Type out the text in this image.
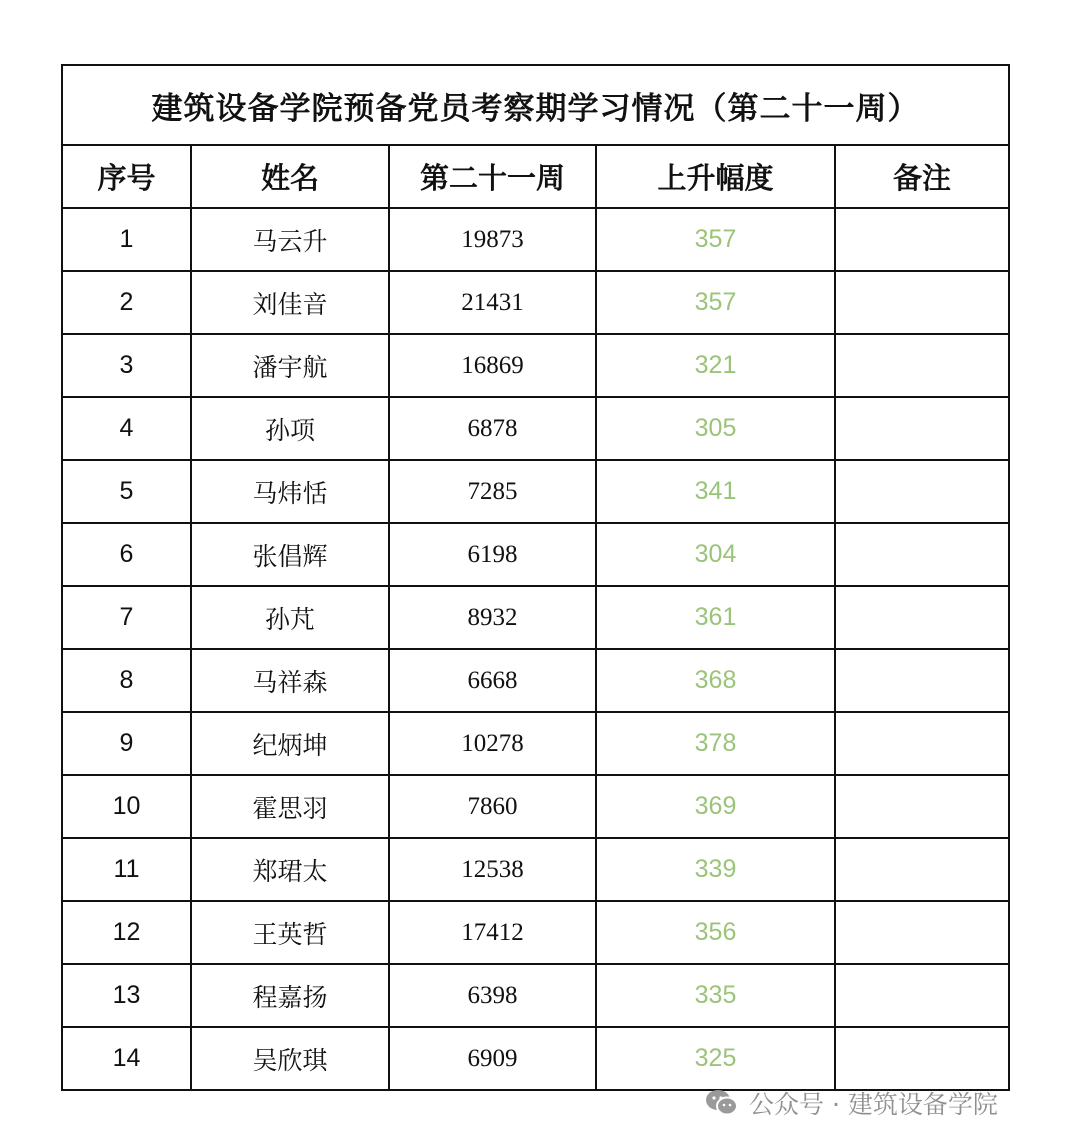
建筑设备学院预备党员考察期学习情况（第二十一周）				
序号	姓名	第二十一周	上升幅度	备注
1	马云升	19873	357	
2	刘佳音	21431	357	
3	潘宇航	16869	321	
4	孙项	6878	305	
5	马炜恬	7285	341	
6	张倡辉	6198	304	
7	孙芃	8932	361	
8	马祥森	6668	368	
9	纪炳坤	10278	378	
10	霍思羽	7860	369	
11	郑珺太	12538	339	
12	王英哲	17412	356	
13	程嘉扬	6398	335	
14	吴欣琪	6909	325	
公众号 · 建筑设备学院
